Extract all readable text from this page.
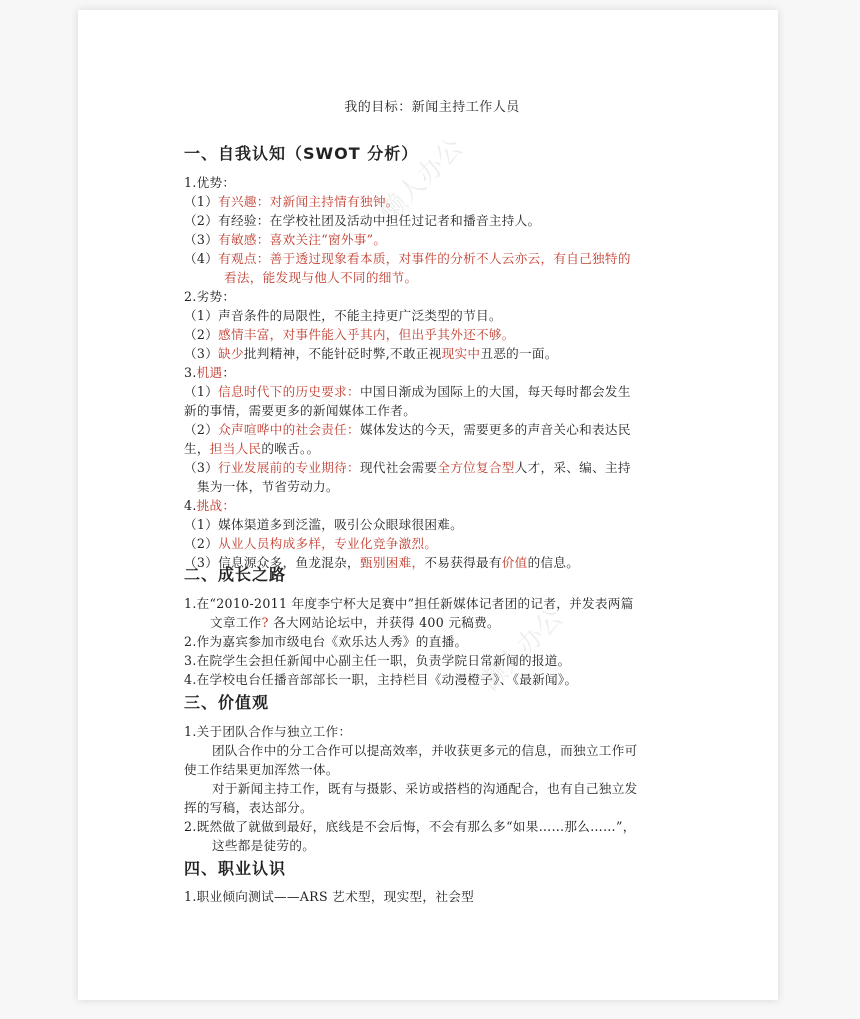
懒人办公
懒人办公
我的目标：新闻主持工作人员
一、自我认知（SWOT 分析）
二、成长之路
三、价值观
四、职业认识
1.优势：
（1）有兴趣：对新闻主持情有独钟。
（2）有经验：在学校社团及活动中担任过记者和播音主持人。
（3）有敏感：喜欢关注“窗外事”。
（4）有观点：善于透过现象看本质，对事件的分析不人云亦云，有自己独特的
看法，能发现与他人不同的细节。
2.劣势：
（1）声音条件的局限性，不能主持更广泛类型的节目。
（2）感情丰富，对事件能入乎其内，但出乎其外还不够。
（3）缺少批判精神，不能针砭时弊,不敢正视现实中丑恶的一面。
3.机遇：
（1）信息时代下的历史要求：中国日渐成为国际上的大国，每天每时都会发生
新的事情，需要更多的新闻媒体工作者。
（2）众声喧哗中的社会责任：媒体发达的今天，需要更多的声音关心和表达民
生，担当人民的喉舌。。
（3）行业发展前的专业期待：现代社会需要全方位复合型人才，采、编、主持
集为一体，节省劳动力。
4.挑战：
（1）媒体渠道多到泛滥，吸引公众眼球很困难。
（2）从业人员构成多样，专业化竞争激烈。
（3）信息源众多，鱼龙混杂，甄别困难，不易获得最有价值的信息。
1.在“2010-2011 年度李宁杯大足赛中”担任新媒体记者团的记者，并发表两篇
文章工作? 各大网站论坛中，并获得 400 元稿费。
2.作为嘉宾参加市级电台《欢乐达人秀》的直播。
3.在院学生会担任新闻中心副主任一职，负责学院日常新闻的报道。
4.在学校电台任播音部部长一职，主持栏目《动漫橙子》、《最新闻》。
1.关于团队合作与独立工作：
团队合作中的分工合作可以提高效率，并收获更多元的信息，而独立工作可
使工作结果更加浑然一体。
对于新闻主持工作，既有与摄影、采访或搭档的沟通配合，也有自己独立发
挥的写稿，表达部分。
2.既然做了就做到最好，底线是不会后悔，不会有那么多“如果……那么……”，
这些都是徒劳的。
1.职业倾向测试——ARS 艺术型，现实型，社会型
